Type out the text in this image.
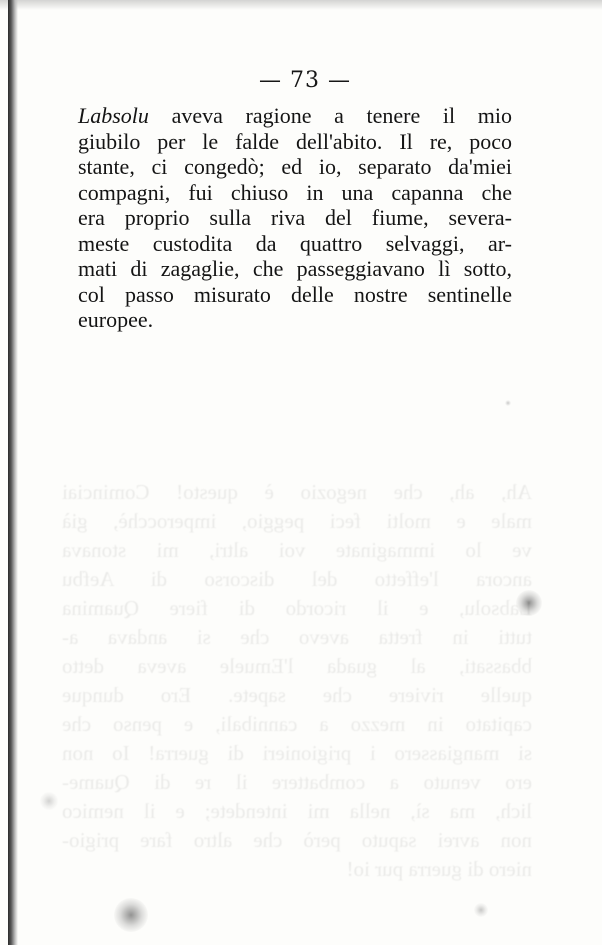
Ah, ah, che negozio è questo! Cominciai
male e molti feci peggio, imperocchè, già
ve lo immaginate voi altri, mi stonava
ancora l'effetto del discorso di Aefbu
Labsolu, e il ricordo di fiere Quamina
tutti in fretta avevo che si andava a-
bbassati, al guada l'Emuele aveva detto
quelle riviere che sapete. Ero dunque
capitato in mezzo a cannibali, e penso che
si mangiassero i prigionieri di guerra! Io non
ero venuto a combattere il re di Quame-
lich, ma sì, nella mi intendete; e il nemico
non avrei saputo però che altro fare prigio-
niero di guerra pur io!
— 73 —

Labsolu aveva ragione a tenere il mio
giubilo per le falde dell'abito. Il re, poco
stante, ci congedò; ed io, separato da'miei
compagni, fui chiuso in una capanna che
era proprio sulla riva del fiume, severa-
meste custodita da quattro selvaggi, ar-
mati di zagaglie, che passeggiavano lì sotto,
col passo misurato delle nostre sentinelle
europee.
